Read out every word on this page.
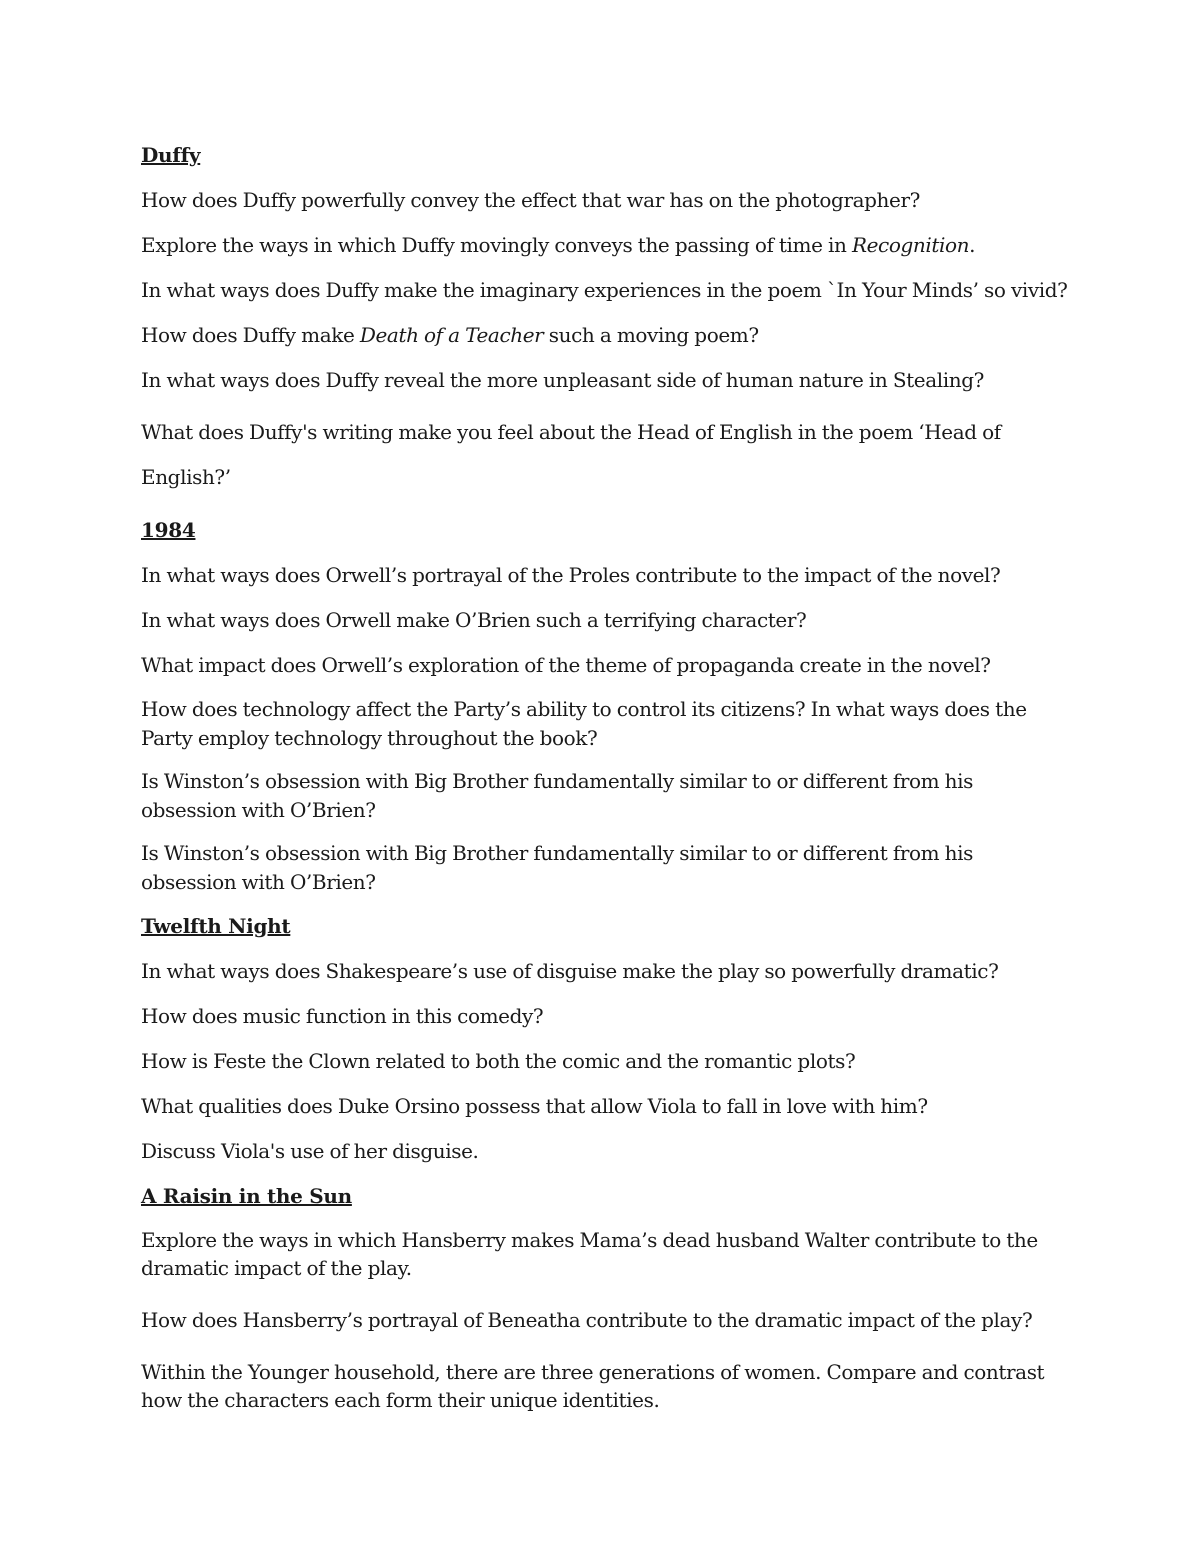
Duffy
How does Duffy powerfully convey the effect that war has on the photographer?
Explore the ways in which Duffy movingly conveys the passing of time in Recognition.
In what ways does Duffy make the imaginary experiences in the poem `In Your Minds’ so vivid?
How does Duffy make Death of a Teacher such a moving poem?
In what ways does Duffy reveal the more unpleasant side of human nature in Stealing?
What does Duffy's writing make you feel about the Head of English in the poem ‘Head of English?’
1984
In what ways does Orwell’s portrayal of the Proles contribute to the impact of the novel?
In what ways does Orwell make O’Brien such a terrifying character?
What impact does Orwell’s exploration of the theme of propaganda create in the novel?
How does technology affect the Party’s ability to control its citizens? In what ways does the Party employ technology throughout the book?
Is Winston’s obsession with Big Brother fundamentally similar to or different from his obsession with O’Brien?
Is Winston’s obsession with Big Brother fundamentally similar to or different from his obsession with O’Brien?
Twelfth Night
In what ways does Shakespeare’s use of disguise make the play so powerfully dramatic?
How does music function in this comedy?
How is Feste the Clown related to both the comic and the romantic plots?
What qualities does Duke Orsino possess that allow Viola to fall in love with him?
Discuss Viola's use of her disguise.
A Raisin in the Sun
Explore the ways in which Hansberry makes Mama’s dead husband Walter contribute to the dramatic impact of the play.
How does Hansberry’s portrayal of Beneatha contribute to the dramatic impact of the play?
Within the Younger household, there are three generations of women. Compare and contrast how the characters each form their unique identities.
